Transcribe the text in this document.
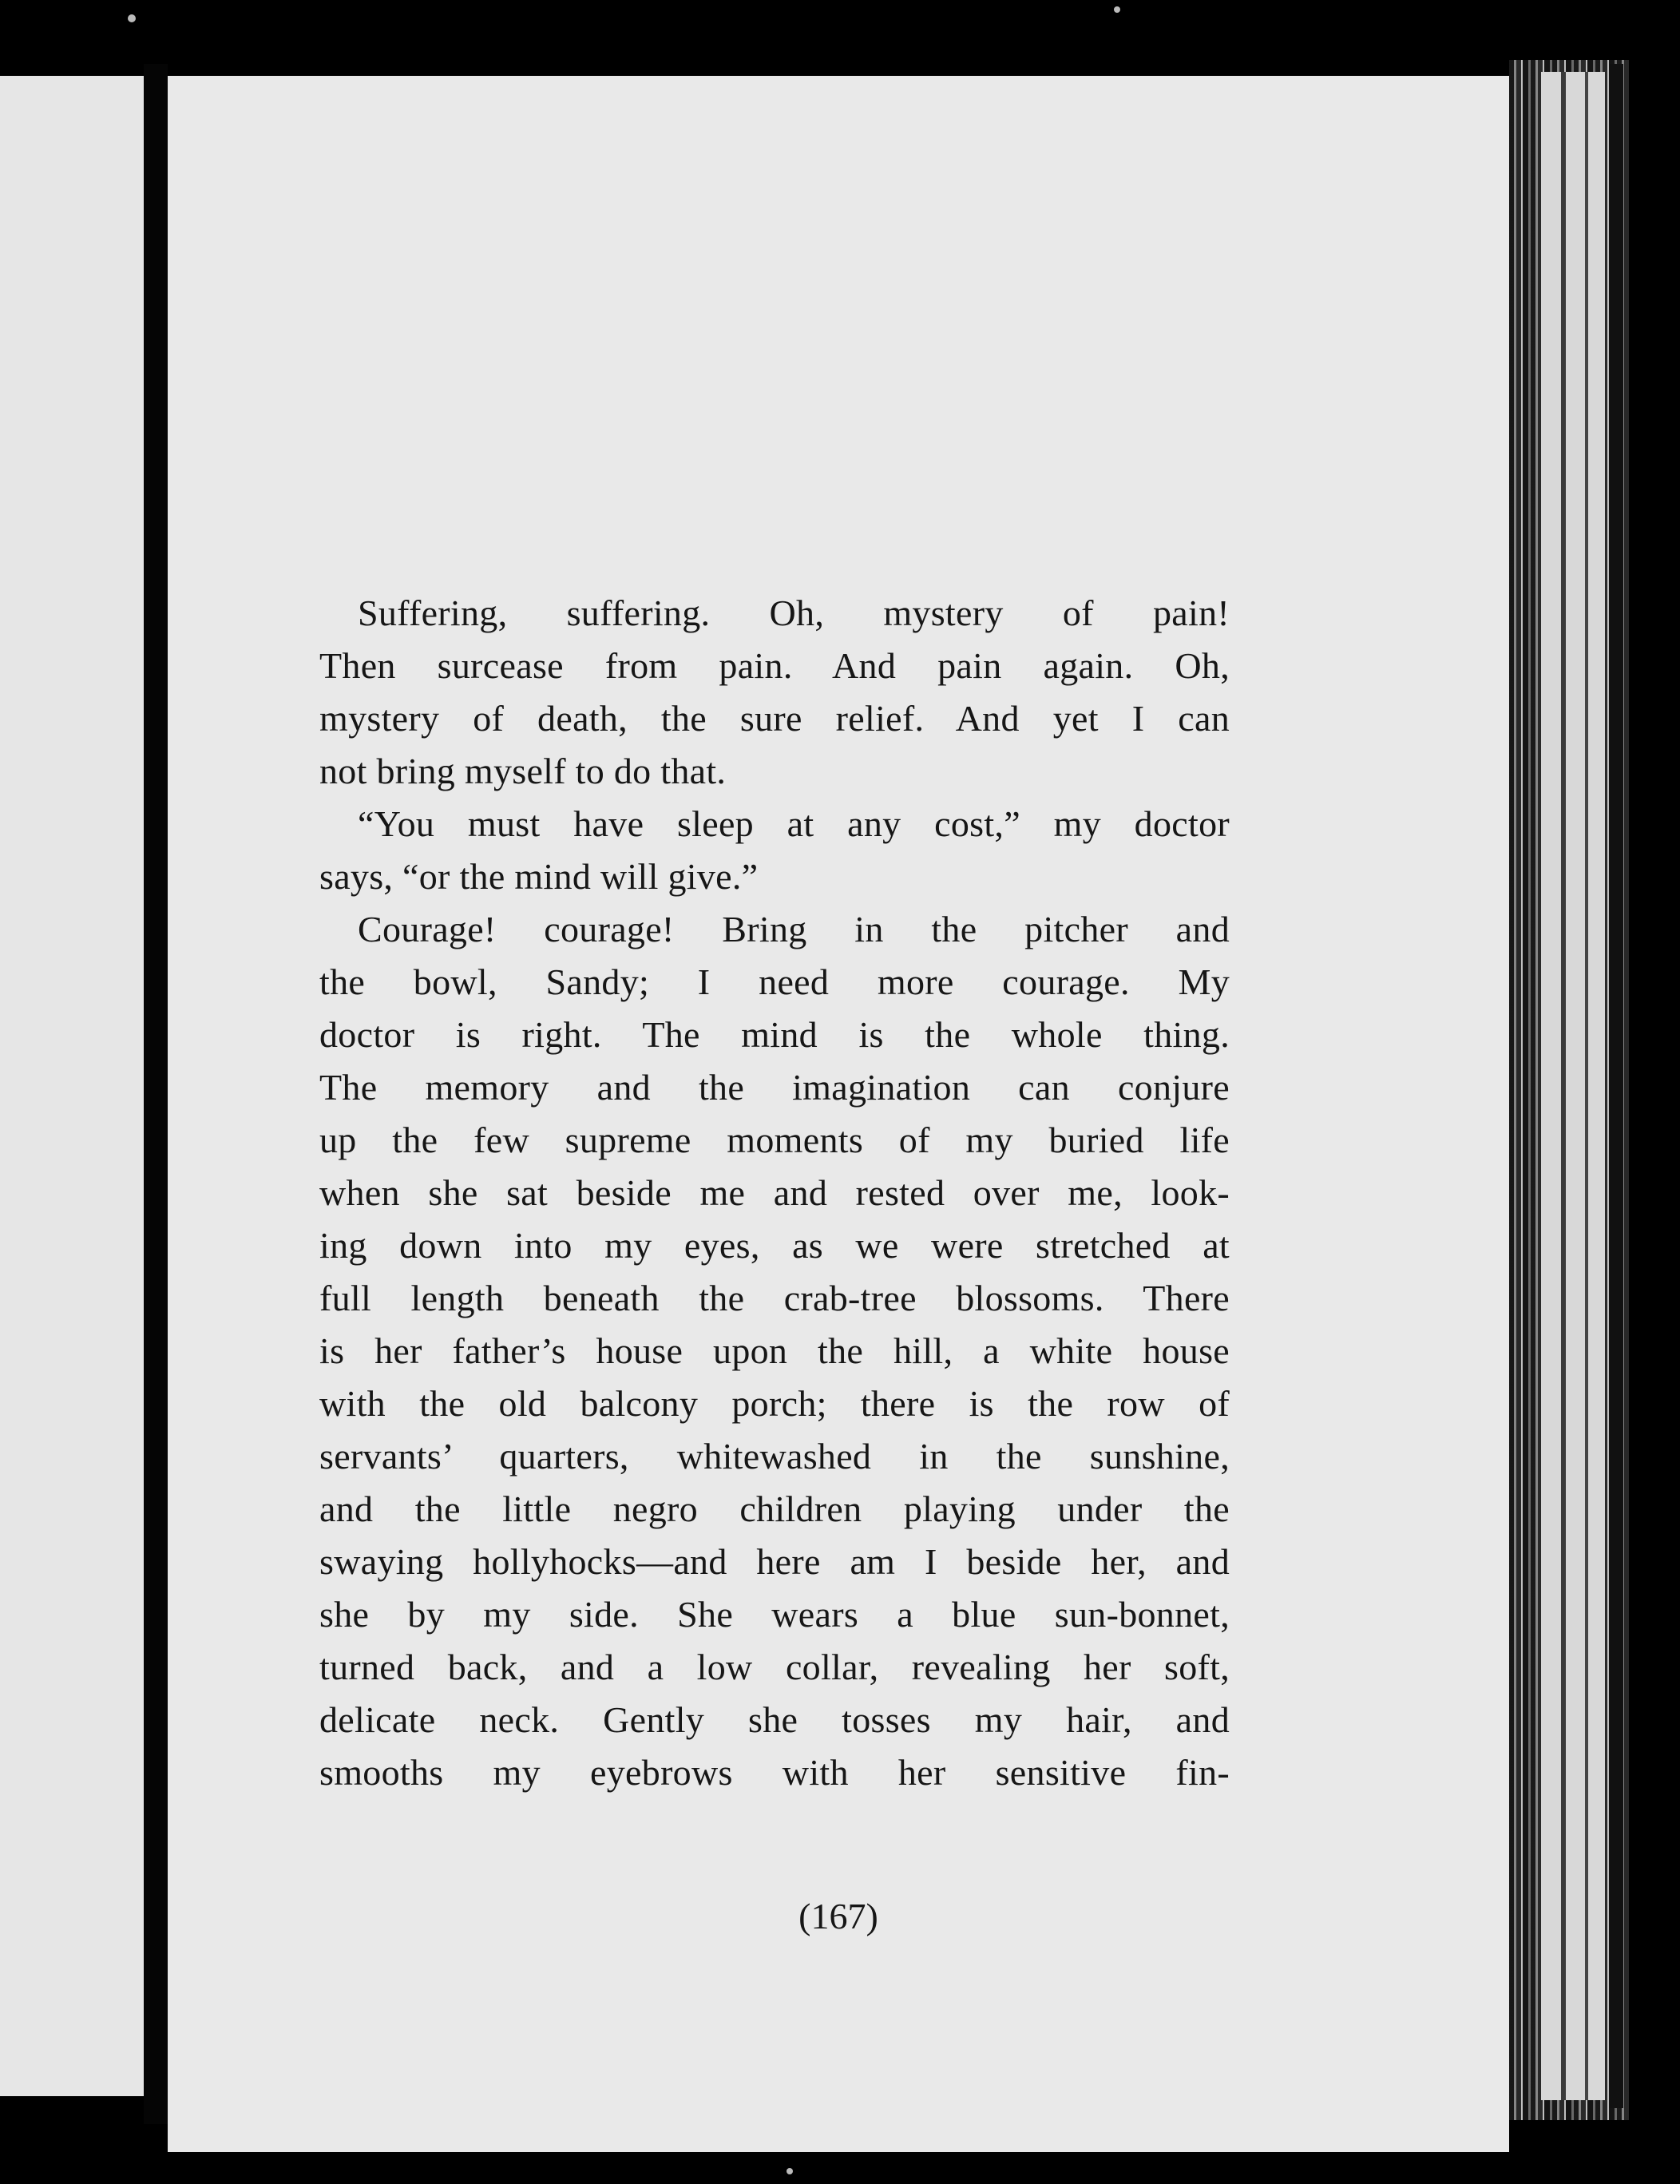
(167)

Suffering, suffering. Oh, mystery of pain!
Then surcease from pain. And pain again. Oh,
mystery of death, the sure relief. And yet I can
not bring myself to do that.

“You must have sleep at any cost,” my doctor
says, “or the mind will give.”

Courage! courage! Bring in the pitcher and
the bowl, Sandy; I need more courage. My
doctor is right. The mind is the whole thing.
The memory and the imagination can conjure
up the few supreme moments of my buried life
when she sat beside me and rested over me, look-
ing down into my eyes, as we were stretched at
full length beneath the crab-tree blossoms. There
is her father’s house upon the hill, a white house
with the old balcony porch; there is the row of
servants’ quarters, whitewashed in the sunshine,
and the little negro children playing under the
swaying hollyhocks—and here am I beside her, and
she by my side. She wears a blue sun-bonnet,
turned back, and a low collar, revealing her soft,
delicate neck. Gently she tosses my hair, and
smooths my eyebrows with her sensitive fin-
